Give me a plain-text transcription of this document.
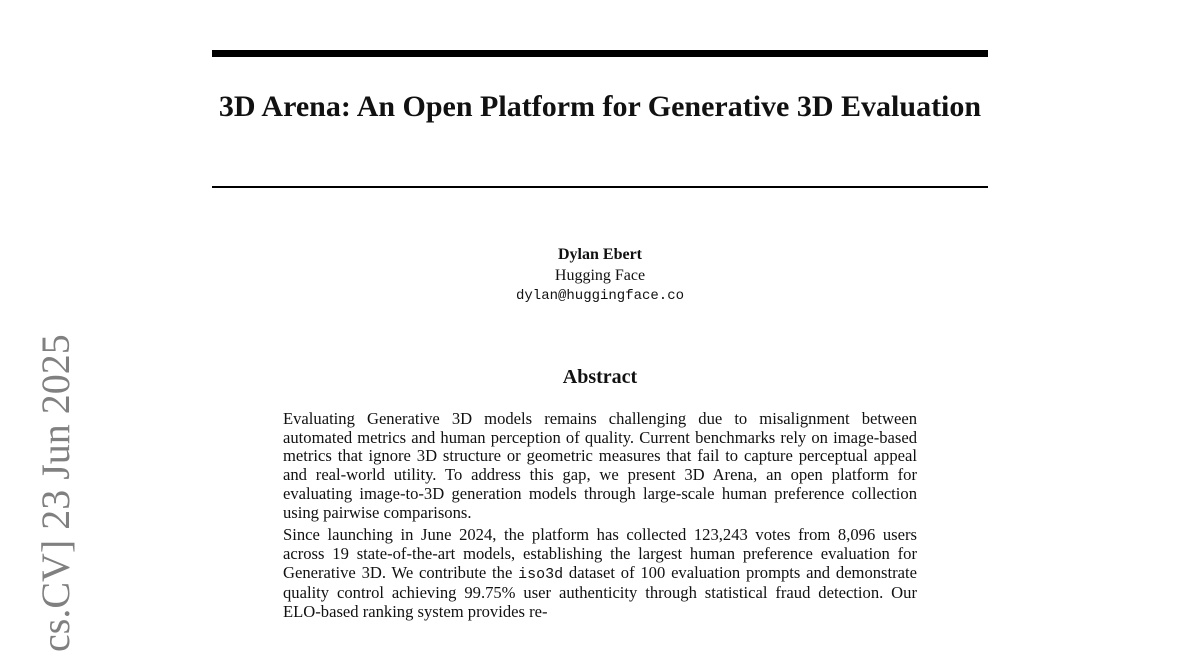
3D Arena: An Open Platform for Generative 3D Evaluation
Dylan Ebert
Hugging Face
dylan@huggingface.co
Abstract

Evaluating Generative 3D models remains challenging due to misalignment between automated metrics and human perception of quality. Current benchmarks rely on image-based metrics that ignore 3D structure or geometric measures that fail to capture perceptual appeal and real-world utility. To address this gap, we present 3D Arena, an open platform for evaluating image-to-3D generation models through large-scale human preference collection using pairwise comparisons.

Since launching in June 2024, the platform has collected 123,243 votes from 8,096 users across 19 state-of-the-art models, establishing the largest human preference evaluation for Generative 3D. We contribute the iso3d dataset of 100 evaluation prompts and demonstrate quality control achieving 99.75% user authenticity through statistical fraud detection. Our ELO-based ranking system provides re-

cs.CV] 23 Jun 2025
